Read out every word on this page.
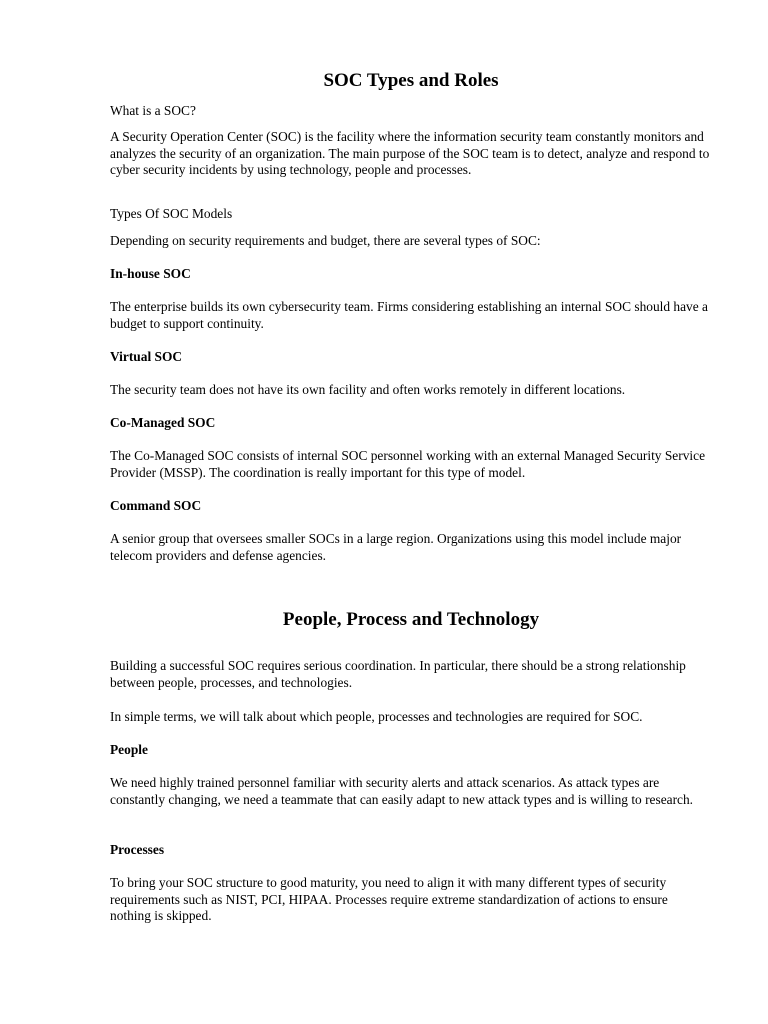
SOC Types and Roles

What is a SOC?

A Security Operation Center (SOC) is the facility where the information security team constantly monitors and analyzes the security of an organization. The main purpose of the SOC team is to detect, analyze and respond to cyber security incidents by using technology, people and processes.

Types Of SOC Models

Depending on security requirements and budget, there are several types of SOC:

In-house SOC

The enterprise builds its own cybersecurity team. Firms considering establishing an internal SOC should have a budget to support continuity.

Virtual SOC

The security team does not have its own facility and often works remotely in different locations.

Co-Managed SOC

The Co-Managed SOC consists of internal SOC personnel working with an external Managed Security Service Provider (MSSP). The coordination is really important for this type of model.

Command SOC

A senior group that oversees smaller SOCs in a large region. Organizations using this model include major telecom providers and defense agencies.

People, Process and Technology

Building a successful SOC requires serious coordination. In particular, there should be a strong relationship between people, processes, and technologies.

In simple terms, we will talk about which people, processes and technologies are required for SOC.

People

We need highly trained personnel familiar with security alerts and attack scenarios. As attack types are constantly changing, we need a teammate that can easily adapt to new attack types and is willing to research.

Processes

To bring your SOC structure to good maturity, you need to align it with many different types of security requirements such as NIST, PCI, HIPAA. Processes require extreme standardization of actions to ensure nothing is skipped.
